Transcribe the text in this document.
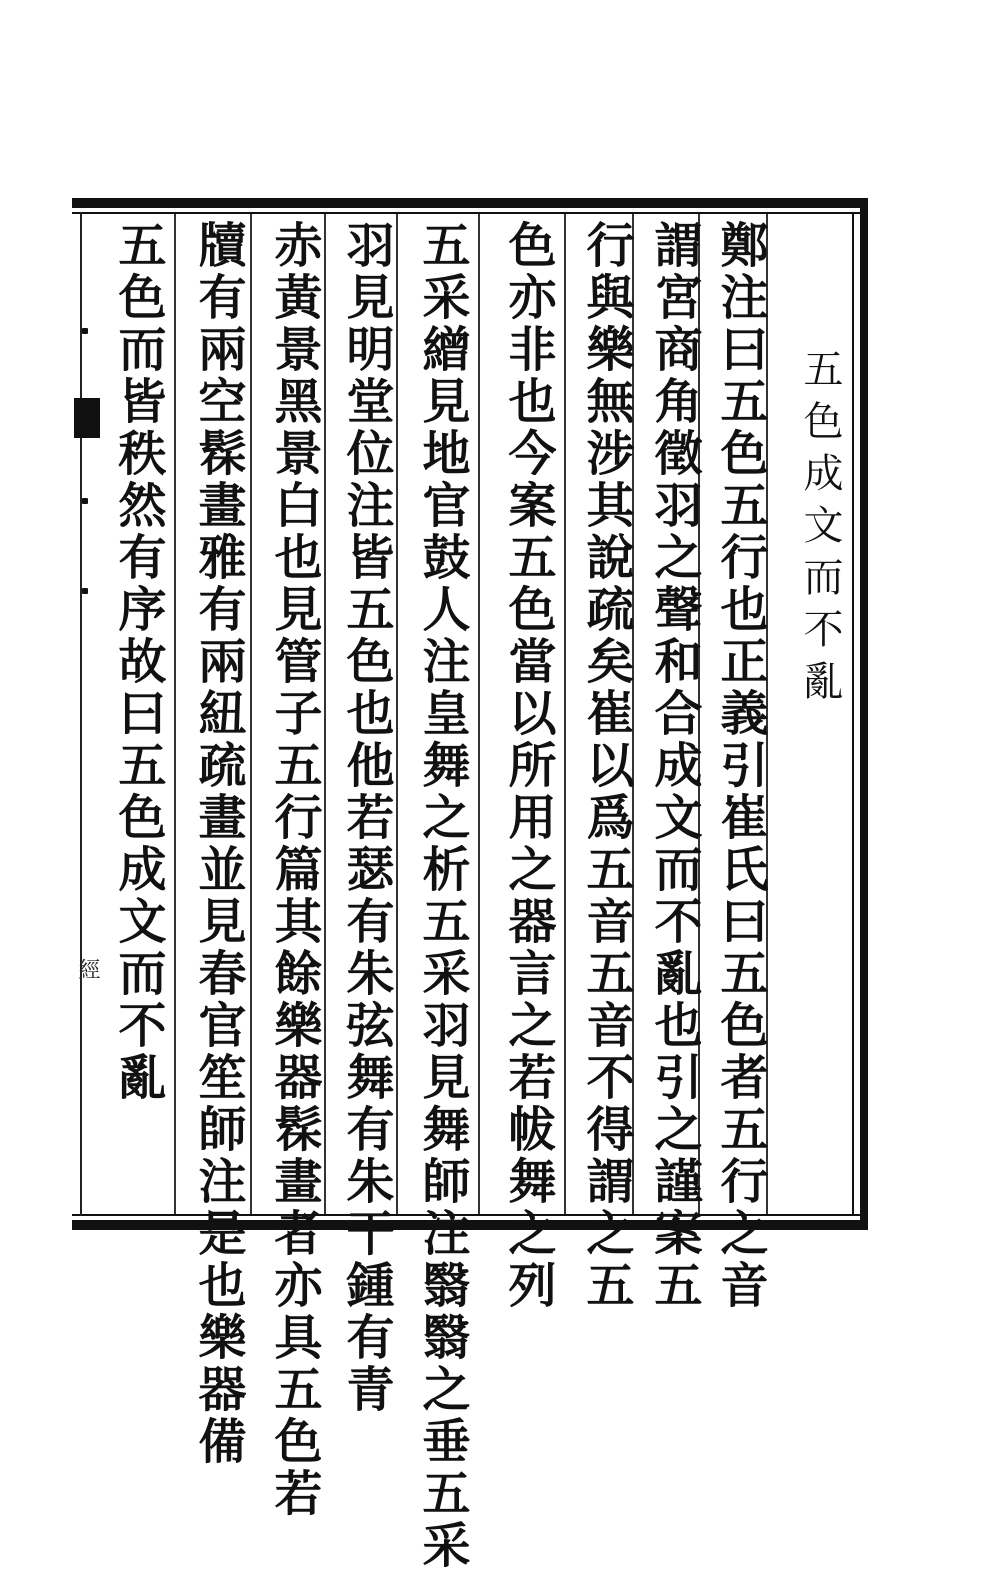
五色成文而不亂
鄭注曰五色五行也正義引崔氏曰五色者五行之音
謂宮商角徵羽之聲和合成文而不亂也引之謹案五
行與樂無涉其說疏矣崔以爲五音五音不得謂之五
色亦非也今案五色當以所用之器言之若帗舞之列
五采繒見地官鼓人注皇舞之析五采羽見舞師注翳翳之垂五采
羽見明堂位注皆五色也他若瑟有朱弦舞有朱干鍾有青
赤黃景黑景白也見管子五行篇其餘樂器髹畫者亦具五色若
牘有兩空髹畫雅有兩紐疏畫並見春官笙師注是也樂器備
五色而皆秩然有序故曰五色成文而不亂
經
